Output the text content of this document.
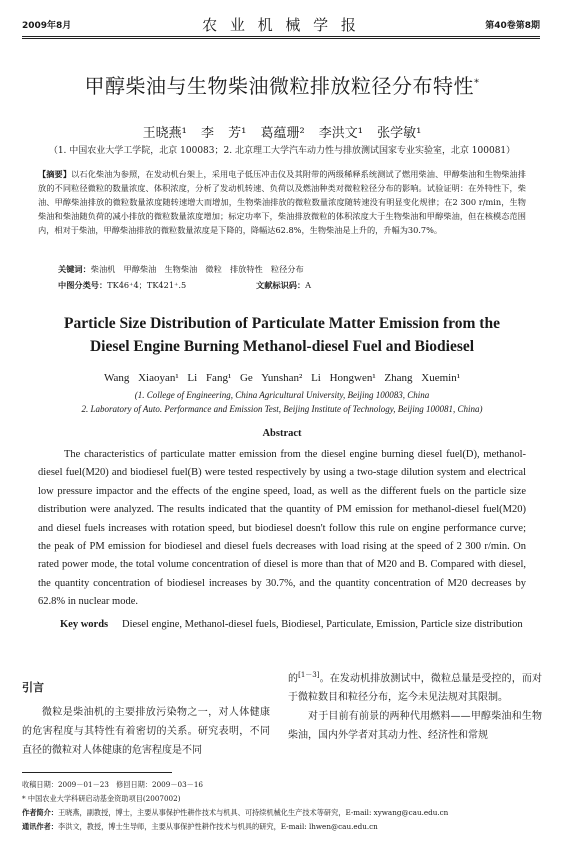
2009年8月	农 业 机 械 学 报	第40卷第8期
甲醇柴油与生物柴油微粒排放粒径分布特性*
王晓燕¹ 李 芳¹ 葛蕴珊² 李洪文¹ 张学敏¹
（1. 中国农业大学工学院，北京 100083；2. 北京理工大学汽车动力性与排放测试国家专业实验室，北京 100081）
【摘要】以石化柴油为参照，在发动机台架上，采用电子低压冲击仪及其附带的两级稀释系统测试了燃用柴油、甲醇柴油和生物柴油排放的不同粒径微粒的数量浓度、体积浓度，分析了发动机转速、负荷以及燃油种类对微粒粒径分布的影响。试验证明：在外特性下，柴油、甲醇柴油排放的微粒数量浓度随转速增大而增加，生物柴油排放的微粒数量浓度随转速没有明显变化规律；在2 300 r/min，生物柴油和柴油随负荷的减小排放的微粒数量浓度增加；标定功率下，柴油排放微粒的体积浓度大于生物柴油和甲醇柴油，但在核模态范围内，相对于柴油，甲醇柴油排放的微粒数量浓度是下降的，降幅达62.8%，生物柴油是上升的，升幅为30.7%。
关键词：柴油机　甲醇柴油　生物柴油　微粒　排放特性　粒径分布
中图分类号：TK46⁺4；TK421⁺.5	文献标识码：A
Particle Size Distribution of Particulate Matter Emission from the
Diesel Engine Burning Methanol-diesel Fuel and Biodiesel
Wang Xiaoyan¹ Li Fang¹ Ge Yunshan² Li Hongwen¹ Zhang Xuemin¹
(1. College of Engineering, China Agricultural University, Beijing 100083, China
2. Laboratory of Auto. Performance and Emission Test, Beijing Institute of Technology, Beijing 100081, China)
Abstract
The characteristics of particulate matter emission from the diesel engine burning diesel fuel(D), methanol-diesel fuel(M20) and biodiesel fuel(B) were tested respectively by using a two-stage dilution system and electrical low pressure impactor and the effects of the engine speed, load, as well as the different fuels on the particle size distribution were analyzed. The results indicated that the quantity of PM emission for methanol-diesel fuel(M20) and diesel fuels increases with rotation speed, but biodiesel doesn't follow this rule on engine performance curve; the peak of PM emission for biodiesel and diesel fuels decreases with load rising at the speed of 2 300 r/min. On rated power mode, the total volume concentration of diesel is more than that of M20 and B. Compared with diesel, the quantity concentration of biodiesel increases by 30.7%, and the quantity concentration of M20 decreases by 62.8% in nuclear mode.
Key words Diesel engine, Methanol-diesel fuels, Biodiesel, Particulate, Emission, Particle size distribution
引言

微粒是柴油机的主要排放污染物之一，对人体健康的危害程度与其特性有着密切的关系。研究表明，不同直径的微粒对人体健康的危害程度是不同

的[1－3]。在发动机排放测试中，微粒总量是受控的，而对于微粒数目和粒径分布，迄今未见法规对其限制。

对于目前有前景的两种代用燃料——甲醇柴油和生物柴油，国内外学者对其动力性、经济性和常规

收稿日期：2009－01－23　修回日期：2009－03－16
* 中国农业大学科研启动基金资助项目(2007002)
作者简介：王晓燕，副教授，博士，主要从事保护性耕作技术与机具、可持续机械化生产技术等研究，E-mail: xywang@cau.edu.cn
通讯作者：李洪文，教授，博士生导师，主要从事保护性耕作技术与机具的研究，E-mail: lhwen@cau.edu.cn
